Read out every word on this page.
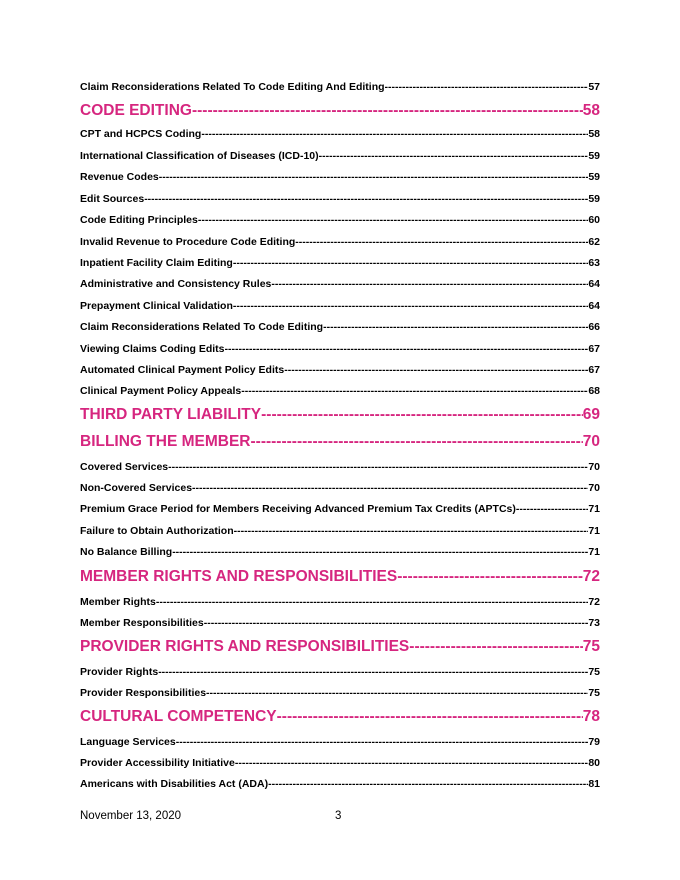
Claim Reconsiderations Related To Code Editing And Editing -----	57
CODE EDITING -----	58
CPT and HCPCS Coding -----	58
International Classification of Diseases (ICD-10) -----	59
Revenue Codes -----	59
Edit Sources -----	59
Code Editing Principles -----	60
Invalid Revenue to Procedure Code Editing -----	62
Inpatient Facility Claim Editing -----	63
Administrative and Consistency Rules -----	64
Prepayment Clinical Validation -----	64
Claim Reconsiderations Related To Code Editing -----	66
Viewing Claims Coding Edits -----	67
Automated Clinical Payment Policy Edits -----	67
Clinical Payment Policy Appeals -----	68
THIRD PARTY LIABILITY -----	69
BILLING THE MEMBER -----	70
Covered Services -----	70
Non-Covered Services -----	70
Premium Grace Period for Members Receiving Advanced Premium Tax Credits (APTCs) -----	71
Failure to Obtain Authorization -----	71
No Balance Billing -----	71
MEMBER RIGHTS AND RESPONSIBILITIES -----	72
Member Rights -----	72
Member Responsibilities -----	73
PROVIDER RIGHTS AND RESPONSIBILITIES -----	75
Provider Rights -----	75
Provider Responsibilities -----	75
CULTURAL COMPETENCY -----	78
Language Services -----	79
Provider Accessibility Initiative -----	80
Americans with Disabilities Act (ADA) -----	81
November 13, 2020	3
